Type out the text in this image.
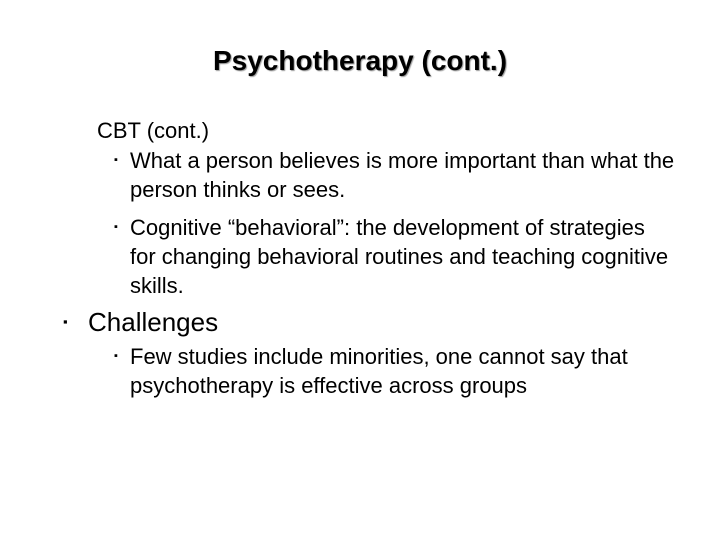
Psychotherapy (cont.)
CBT (cont.)
▪ What a person believes is more important than what the person thinks or sees.
▪ Cognitive “behavioral”: the development of strategies for changing behavioral routines and teaching cognitive skills.
▪ Challenges
▪ Few studies include minorities, one cannot say that psychotherapy is effective across groups
